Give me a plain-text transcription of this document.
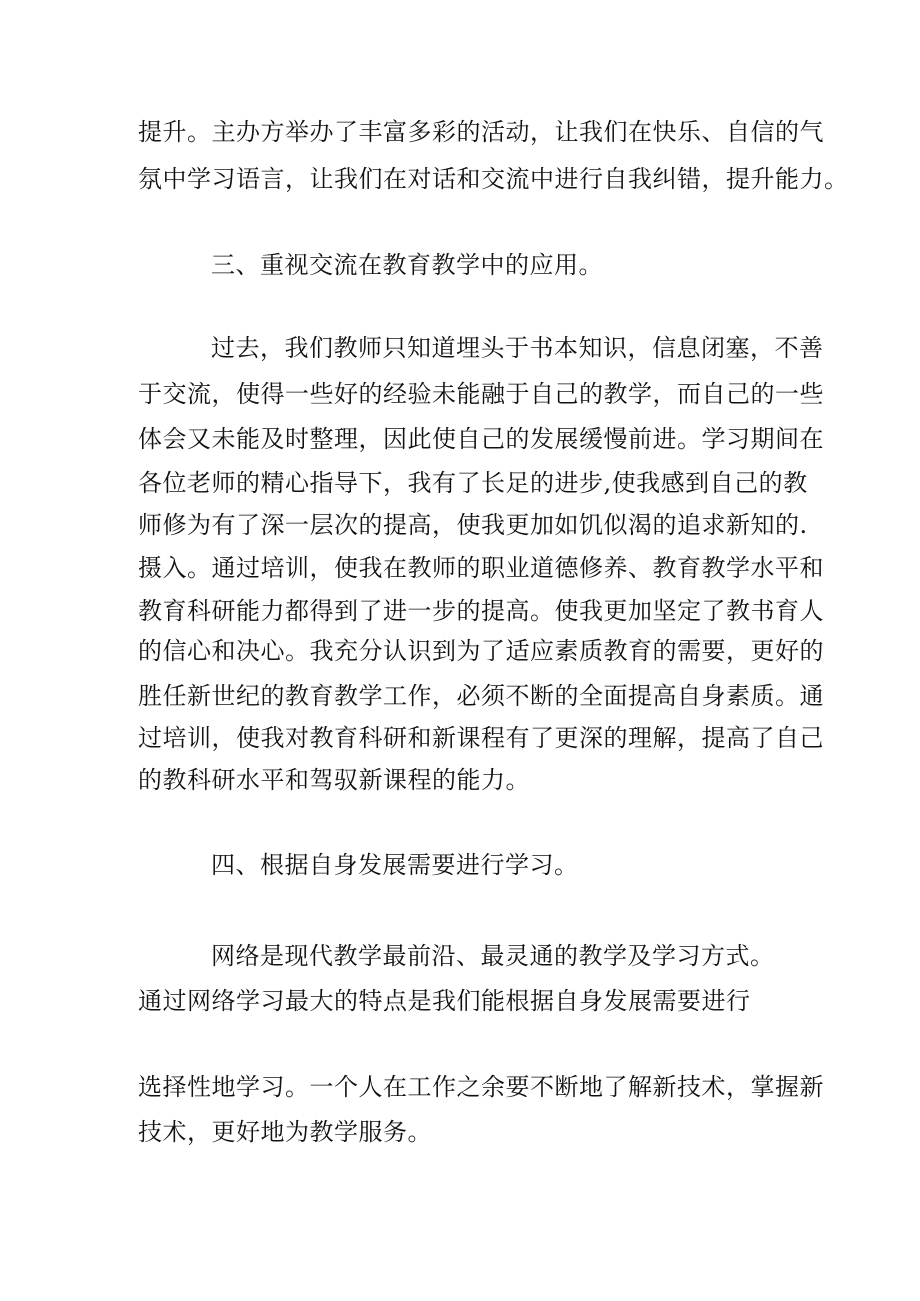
提升。主办方举办了丰富多彩的活动，让我们在快乐、自信的气
氛中学习语言，让我们在对话和交流中进行自我纠错，提升能力。
三、重视交流在教育教学中的应用。
过去，我们教师只知道埋头于书本知识，信息闭塞，不善
于交流，使得一些好的经验未能融于自己的教学，而自己的一些
体会又未能及时整理，因此使自己的发展缓慢前进。学习期间在
各位老师的精心指导下，我有了长足的进步,使我感到自己的教
师修为有了深一层次的提高，使我更加如饥似渴的追求新知的.
摄入。通过培训，使我在教师的职业道德修养、教育教学水平和
教育科研能力都得到了进一步的提高。使我更加坚定了教书育人
的信心和决心。我充分认识到为了适应素质教育的需要，更好的
胜任新世纪的教育教学工作，必须不断的全面提高自身素质。通
过培训，使我对教育科研和新课程有了更深的理解，提高了自己
的教科研水平和驾驭新课程的能力。
四、根据自身发展需要进行学习。
网络是现代教学最前沿、最灵通的教学及学习方式。
通过网络学习最大的特点是我们能根据自身发展需要进行
选择性地学习。一个人在工作之余要不断地了解新技术，掌握新
技术，更好地为教学服务。
